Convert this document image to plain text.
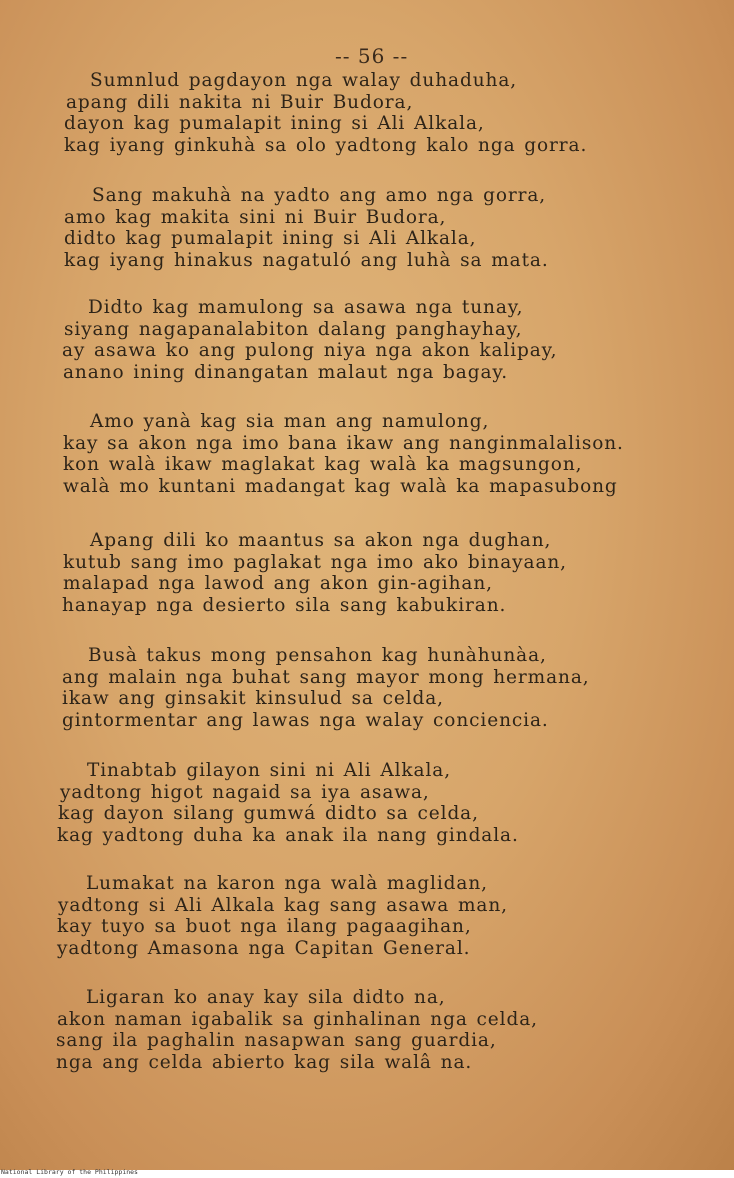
-- 56 --
Sumnlud pagdayon nga walay duhaduha,
apang dili nakita ni Buir Budora,
dayon kag pumalapit ining si Ali Alkala,
kag iyang ginkuhà sa olo yadtong kalo nga gorra.
Sang makuhà na yadto ang amo nga gorra,
amo kag makita sini ni Buir Budora,
didto kag pumalapit ining si Ali Alkala,
kag iyang hinakus nagatuló ang luhà sa mata.
Didto kag mamulong sa asawa nga tunay,
siyang nagapanalabiton dalang panghayhay,
ay asawa ko ang pulong niya nga akon kalipay,
anano ining dinangatan malaut nga bagay.
Amo yanà kag sia man ang namulong,
kay sa akon nga imo bana ikaw ang nanginmalalison.
kon walà ikaw maglakat kag walà ka magsungon,
walà mo kuntani madangat kag walà ka mapasubong
Apang dili ko maantus sa akon nga dughan,
kutub sang imo paglakat nga imo ako binayaan,
malapad nga lawod ang akon gin-agihan,
hanayap nga desierto sila sang kabukiran.
Busà takus mong pensahon kag hunàhunàa,
ang malain nga buhat sang mayor mong hermana,
ikaw ang ginsakit kinsulud sa celda,
gintormentar ang lawas nga walay conciencia.
Tinabtab gilayon sini ni Ali Alkala,
yadtong higot nagaid sa iya asawa,
kag dayon silang gumwá didto sa celda,
kag yadtong duha ka anak ila nang gindala.
Lumakat na karon nga walà maglidan,
yadtong si Ali Alkala kag sang asawa man,
kay tuyo sa buot nga ilang pagaagihan,
yadtong Amasona nga Capitan General.
Ligaran ko anay kay sila didto na,
akon naman igabalik sa ginhalinan nga celda,
sang ila paghalin nasapwan sang guardia,
nga ang celda abierto kag sila walâ na.
National Library of the Philippines
